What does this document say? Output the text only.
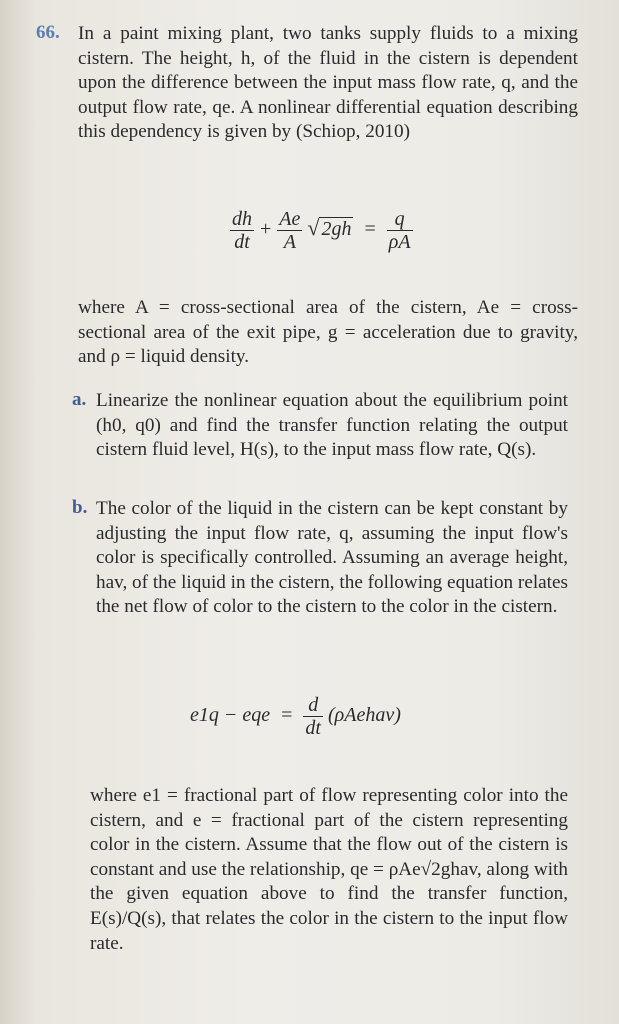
66. In a paint mixing plant, two tanks supply fluids to a mixing cistern. The height, h, of the fluid in the cistern is dependent upon the difference between the input mass flow rate, q, and the output flow rate, qe. A nonlinear differential equation describing this dependency is given by (Schiop, 2010)
$\frac{dh}{dt} + \frac{Ae}{A}$ √ $2gh = \frac{q}{\rho A}$
where A = cross-sectional area of the cistern, Ae = cross-sectional area of the exit pipe, g = acceleration due to gravity, and ρ = liquid density.
a. Linearize the nonlinear equation about the equilibrium point (h0, q0) and find the transfer function relating the output cistern fluid level, H(s), to the input mass flow rate, Q(s).
b. The color of the liquid in the cistern can be kept constant by adjusting the input flow rate, q, assuming the input flow's color is specifically controlled. Assuming an average height, hav, of the liquid in the cistern, the following equation relates the net flow of color to the cistern to the color in the cistern.
e1q − eqe = $\frac{d}{dt}$ (ρAehav)
where e1 = fractional part of flow representing color into the cistern, and e = fractional part of the cistern representing color in the cistern. Assume that the flow out of the cistern is constant and use the relationship, qe = ρAe√2ghav, along with the given equation above to find the transfer function, E(s)/Q(s), that relates the color in the cistern to the input flow rate.
